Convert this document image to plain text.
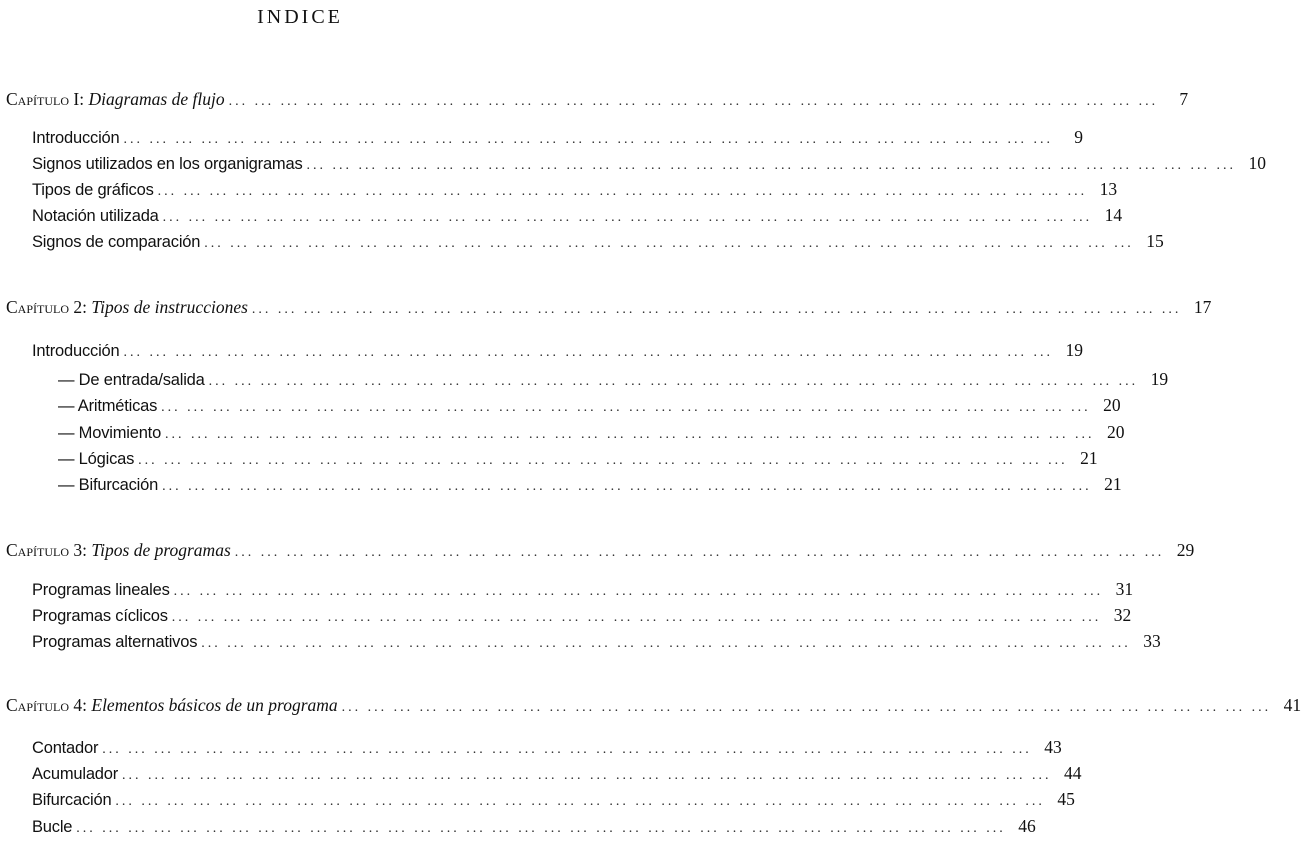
INDICE
Capítulo I: Diagramas de flujo ... ... ... ... ... ... ... ... ... ... ... ... ... ... ... ... ... ... ... ... ... ... ... ... ... ... ... ... ... ... ... ... ... ... ... ...	7
Introducción ... ... ... ... ... ... ... ... ... ... ... ... ... ... ... ... ... ... ... ... ... ... ... ... ... ... ... ... ... ... ... ... ... ... ... ...	9
Signos utilizados en los organigramas ... ... ... ... ... ... ... ... ... ... ... ... ... ... ... ... ... ... ... ... ... ... ... ... ... ... ... ... ... ... ... ... ... ... ... ... 10
Tipos de gráficos ... ... ... ... ... ... ... ... ... ... ... ... ... ... ... ... ... ... ... ... ... ... ... ... ... ... ... ... ... ... ... ... ... ... ... ... 13
Notación utilizada ... ... ... ... ... ... ... ... ... ... ... ... ... ... ... ... ... ... ... ... ... ... ... ... ... ... ... ... ... ... ... ... ... ... ... ... 14
Signos de comparación ... ... ... ... ... ... ... ... ... ... ... ... ... ... ... ... ... ... ... ... ... ... ... ... ... ... ... ... ... ... ... ... ... ... ... ... 15
Capítulo 2: Tipos de instrucciones ... ... ... ... ... ... ... ... ... ... ... ... ... ... ... ... ... ... ... ... ... ... ... ... ... ... ... ... ... ... ... ... ... ... ... ... 17
Introducción ... ... ... ... ... ... ... ... ... ... ... ... ... ... ... ... ... ... ... ... ... ... ... ... ... ... ... ... ... ... ... ... ... ... ... ... 19
— De entrada/salida ... ... ... ... ... ... ... ... ... ... ... ... ... ... ... ... ... ... ... ... ... ... ... ... ... ... ... ... ... ... ... ... ... ... ... ... 19
— Aritméticas ... ... ... ... ... ... ... ... ... ... ... ... ... ... ... ... ... ... ... ... ... ... ... ... ... ... ... ... ... ... ... ... ... ... ... ... 20
— Movimiento ... ... ... ... ... ... ... ... ... ... ... ... ... ... ... ... ... ... ... ... ... ... ... ... ... ... ... ... ... ... ... ... ... ... ... ... 20
— Lógicas ... ... ... ... ... ... ... ... ... ... ... ... ... ... ... ... ... ... ... ... ... ... ... ... ... ... ... ... ... ... ... ... ... ... ... ... 21
— Bifurcación ... ... ... ... ... ... ... ... ... ... ... ... ... ... ... ... ... ... ... ... ... ... ... ... ... ... ... ... ... ... ... ... ... ... ... ... 21
Capítulo 3: Tipos de programas ... ... ... ... ... ... ... ... ... ... ... ... ... ... ... ... ... ... ... ... ... ... ... ... ... ... ... ... ... ... ... ... ... ... ... ... 29
Programas lineales ... ... ... ... ... ... ... ... ... ... ... ... ... ... ... ... ... ... ... ... ... ... ... ... ... ... ... ... ... ... ... ... ... ... ... ... 31
Programas cíclicos ... ... ... ... ... ... ... ... ... ... ... ... ... ... ... ... ... ... ... ... ... ... ... ... ... ... ... ... ... ... ... ... ... ... ... ... 32
Programas alternativos ... ... ... ... ... ... ... ... ... ... ... ... ... ... ... ... ... ... ... ... ... ... ... ... ... ... ... ... ... ... ... ... ... ... ... ... 33
Capítulo 4: Elementos básicos de un programa ... ... ... ... ... ... ... ... ... ... ... ... ... ... ... ... ... ... ... ... ... ... ... ... ... ... ... ... ... ... ... ... ... ... ... ... 41
Contador ... ... ... ... ... ... ... ... ... ... ... ... ... ... ... ... ... ... ... ... ... ... ... ... ... ... ... ... ... ... ... ... ... ... ... ... 43
Acumulador ... ... ... ... ... ... ... ... ... ... ... ... ... ... ... ... ... ... ... ... ... ... ... ... ... ... ... ... ... ... ... ... ... ... ... ... 44
Bifurcación ... ... ... ... ... ... ... ... ... ... ... ... ... ... ... ... ... ... ... ... ... ... ... ... ... ... ... ... ... ... ... ... ... ... ... ... 45
Bucle ... ... ... ... ... ... ... ... ... ... ... ... ... ... ... ... ... ... ... ... ... ... ... ... ... ... ... ... ... ... ... ... ... ... ... ... 46
